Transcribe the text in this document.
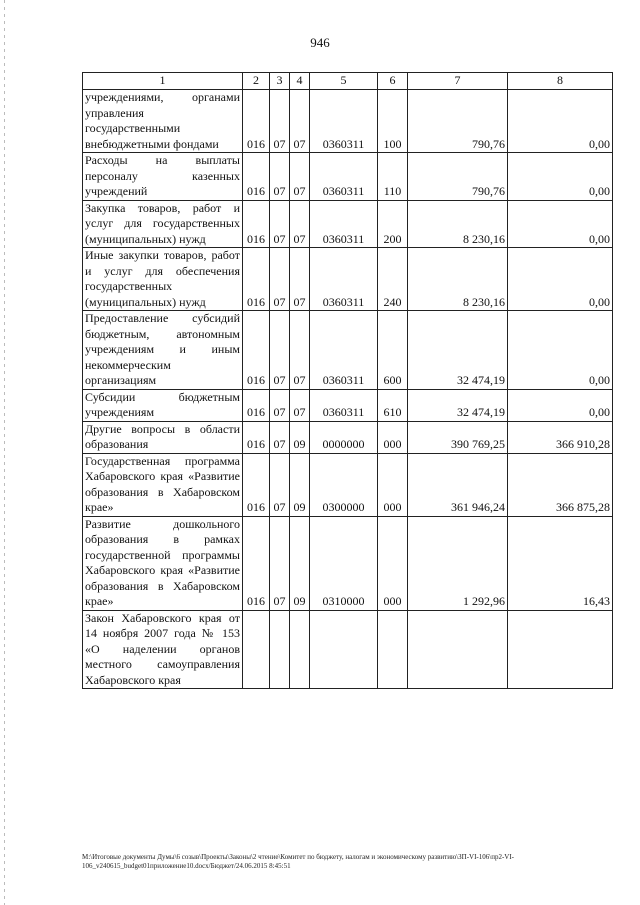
946
1	2	3	4	5	6	7	8
учреждениями, органами управления государственными внебюджетными фондами	016	07	07	0360311	100	790,76	0,00
Расходы на выплаты персоналу казенных учреждений	016	07	07	0360311	110	790,76	0,00
Закупка товаров, работ и услуг для государственных (муниципальных) нужд	016	07	07	0360311	200	8 230,16	0,00
Иные закупки товаров, работ и услуг для обеспечения государственных (муниципальных) нужд	016	07	07	0360311	240	8 230,16	0,00
Предоставление субсидий бюджетным, автономным учреждениям и иным некоммерческим организациям	016	07	07	0360311	600	32 474,19	0,00
Субсидии бюджетным учреждениям	016	07	07	0360311	610	32 474,19	0,00
Другие вопросы в области образования	016	07	09	0000000	000	390 769,25	366 910,28
Государственная программа Хабаровского края «Развитие образования в Хабаровском крае»	016	07	09	0300000	000	361 946,24	366 875,28
Развитие дошкольного образования в рамках государственной программы Хабаровского края «Развитие образования в Хабаровском крае»	016	07	09	0310000	000	1 292,96	16,43
Закон Хабаровского края от 14 ноября 2007 года № 153 «О наделении органов местного самоуправления Хабаровского края							
M:\Итоговые документы Думы\6 созыв\Проекты\Законы\2 чтение\Комитет по бюджету, налогам и экономическому развитию\ЗП-VI-106\пр2-VI-106_v240615_budget01приложение10.docx/Бюджет/24.06.2015 8:45:51
